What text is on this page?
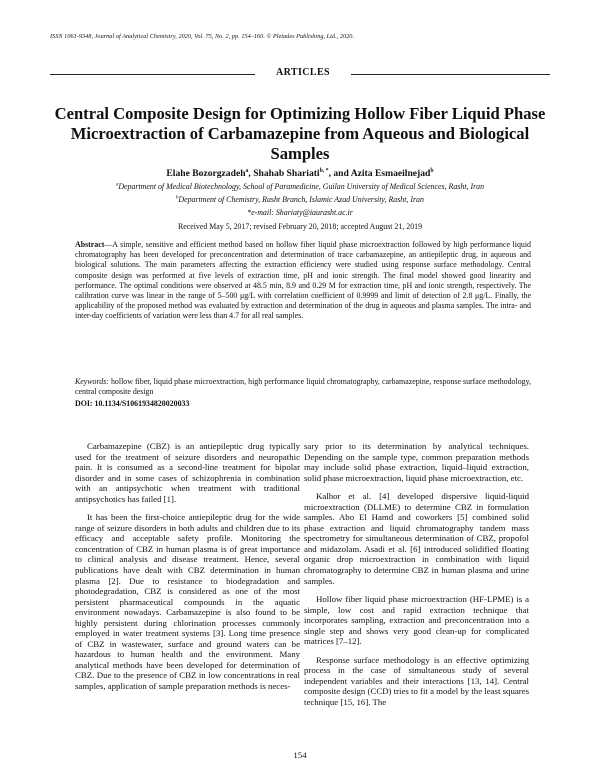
ISSN 1061-9348, Journal of Analytical Chemistry, 2020, Vol. 75, No. 2, pp. 154–160. © Pleiades Publishing, Ltd., 2020.
ARTICLES
Central Composite Design for Optimizing Hollow Fiber Liquid Phase Microextraction of Carbamazepine from Aqueous and Biological Samples
Elahe Bozorgzadeh$^a$, Shahab Shariati$^{b, *}$, and Azita Esmaeilnejad$^b$
$^a$Department of Medical Biotechnology, School of Paramedicine, Guilan University of Medical Sciences, Rasht, Iran
$^b$Department of Chemistry, Rasht Branch, Islamic Azad University, Rasht, Iran
*e-mail: Shariaty@iaurasht.ac.ir
Received May 5, 2017; revised February 20, 2018; accepted August 21, 2019
Abstract—A simple, sensitive and efficient method based on hollow fiber liquid phase microextraction followed by high performance liquid chromatography has been developed for preconcentration and determination of trace carbamazepine, an antiepileptic drug, in aqueous and biological solutions. The main parameters affecting the extraction efficiency were studied using response surface methodology. Central composite design was performed at five levels of extraction time, pH and ionic strength. The final model showed good linearity and performance. The optimal conditions were observed at 48.5 min, 8.9 and 0.29 M for extraction time, pH and ionic strength, respectively. The calibration curve was linear in the range of 5–500 μg/L with correlation coefficient of 0.9999 and limit of detection of 2.8 μg/L. Finally, the applicability of the proposed method was evaluated by extraction and determination of the drug in aqueous and plasma samples. The intra- and inter-day coefficients of variation were less than 4.7 for all real samples.
Keywords: hollow fiber, liquid phase microextraction, high performance liquid chromatography, carbamazepine, response surface methodology, central composite design
DOI: 10.1134/S1061934820020033

Carbamazepine (CBZ) is an antiepileptic drug typically used for the treatment of seizure disorders and neuropathic pain. It is consumed as a second-line treatment for bipolar disorder and in some cases of schizophrenia in combination with an antipsychotic when treatment with traditional antipsychotics has failed [1].

It has been the first-choice antiepileptic drug for the wide range of seizure disorders in both adults and children due to its efficacy and acceptable safety profile. Monitoring the concentration of CBZ in human plasma is of great importance to clinical analysis and disease treatment. Hence, several publications have dealt with CBZ determination in human plasma [2]. Due to resistance to biodegradation and photodegradation, CBZ is considered as one of the most persistent pharmaceutical compounds in the aquatic environment nowadays. Carbamazepine is also found to be highly persistent during chlorination processes commonly employed in water treatment systems [3]. Long time presence of CBZ in wastewater, surface and ground waters can be hazardous to human health and the environment. Many analytical methods have been developed for determination of CBZ. Due to the presence of CBZ in low concentrations in real samples, application of sample preparation methods is neces-

sary prior to its determination by analytical techniques. Depending on the sample type, common preparation methods may include solid phase extraction, liquid–liquid extraction, solid phase microextraction, liquid phase microextraction, etc.

Kalhor et al. [4] developed dispersive liquid-liquid microextraction (DLLME) to determine CBZ in formulation samples. Abo El Hamd and coworkers [5] combined solid phase extraction and liquid chromatography tandem mass spectrometry for simultaneous determination of CBZ, propofol and midazolam. Asadi et al. [6] introduced solidified floating organic drop microextraction in combination with liquid chromatography to determine CBZ in human plasma and urine samples.

Hollow fiber liquid phase microextraction (HF-LPME) is a simple, low cost and rapid extraction technique that incorporates sampling, extraction and preconcentration into a single step and shows very good clean-up for complicated matrices [7–12].

Response surface methodology is an effective optimizing process in the case of simultaneous study of several independent variables and their interactions [13, 14]. Central composite design (CCD) tries to fit a model by the least squares technique [15, 16]. The

154
